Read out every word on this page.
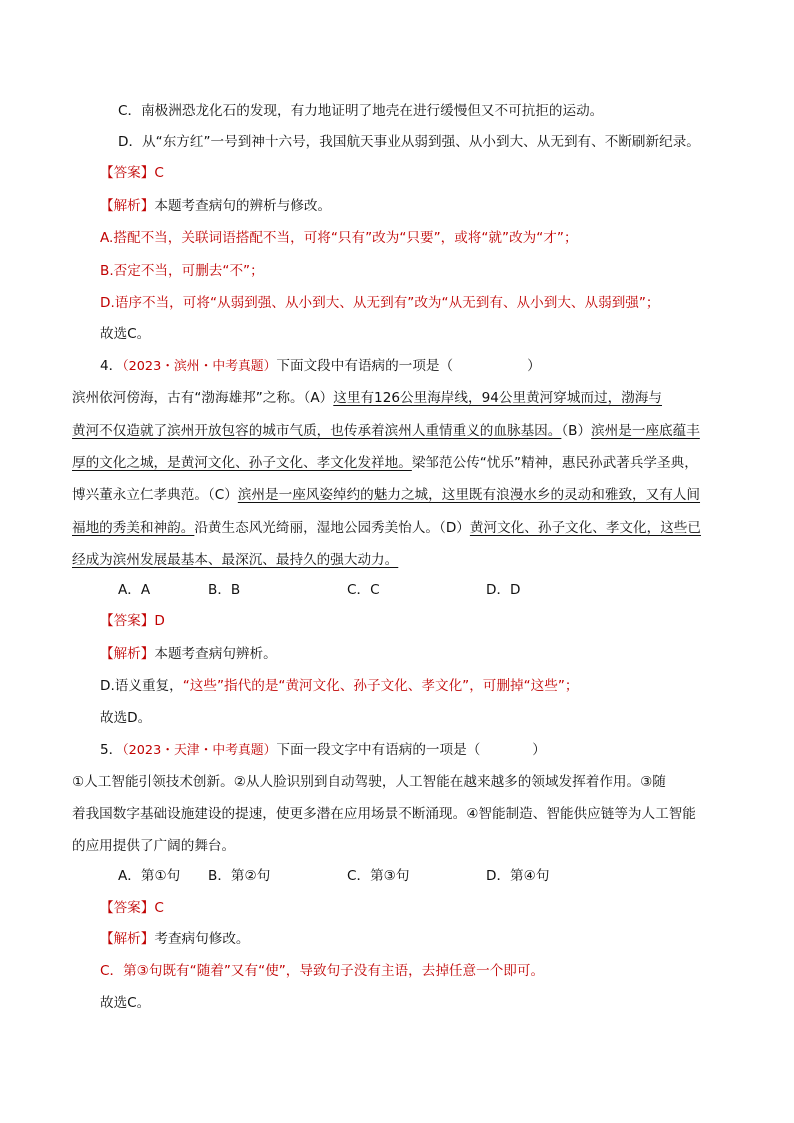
C．南极洲恐龙化石的发现，有力地证明了地壳在进行缓慢但又不可抗拒的运动。
D．从“东方红”一号到神十六号，我国航天事业从弱到强、从小到大、从无到有、不断刷新纪录。
【答案】C
【解析】本题考查病句的辨析与修改。
A.搭配不当，关联词语搭配不当，可将“只有”改为“只要”，或将“就”改为“才”；
B.否定不当，可删去“不”；
D.语序不当，可将“从弱到强、从小到大、从无到有”改为“从无到有、从小到大、从弱到强”；
故选C。
4．（2023・滨州・中考真题）下面文段中有语病的一项是（	）
滨州依河傍海，古有“渤海雄邦”之称。（A）这里有126公里海岸线，94公里黄河穿城而过，渤海与
黄河不仅造就了滨州开放包容的城市气质，也传承着滨州人重情重义的血脉基因。（B）滨州是一座底蕴丰
厚的文化之城，是黄河文化、孙子文化、孝文化发祥地。梁邹范公传“忧乐”精神，惠民孙武著兵学圣典，
博兴董永立仁孝典范。（C）滨州是一座风姿绰约的魅力之城，这里既有浪漫水乡的灵动和雅致，又有人间
福地的秀美和神韵。沿黄生态风光绮丽，湿地公园秀美怡人。（D）黄河文化、孙子文化、孝文化，这些已
经成为滨州发展最基本、最深沉、最持久的强大动力。
A．A	B．B	C．C	D．D
【答案】D
【解析】本题考查病句辨析。
D.语义重复，“这些”指代的是“黄河文化、孙子文化、孝文化”，可删掉“这些”；
故选D。
5．（2023・天津・中考真题）下面一段文字中有语病的一项是（	）
①人工智能引领技术创新。②从人脸识别到自动驾驶，人工智能在越来越多的领域发挥着作用。③随
着我国数字基础设施建设的提速，使更多潜在应用场景不断涌现。④智能制造、智能供应链等为人工智能
的应用提供了广阔的舞台。
A．第①句 B．第②句	C．第③句	D．第④句
【答案】C
【解析】考查病句修改。
C．第③句既有“随着”又有“使”，导致句子没有主语，去掉任意一个即可。
故选C。
